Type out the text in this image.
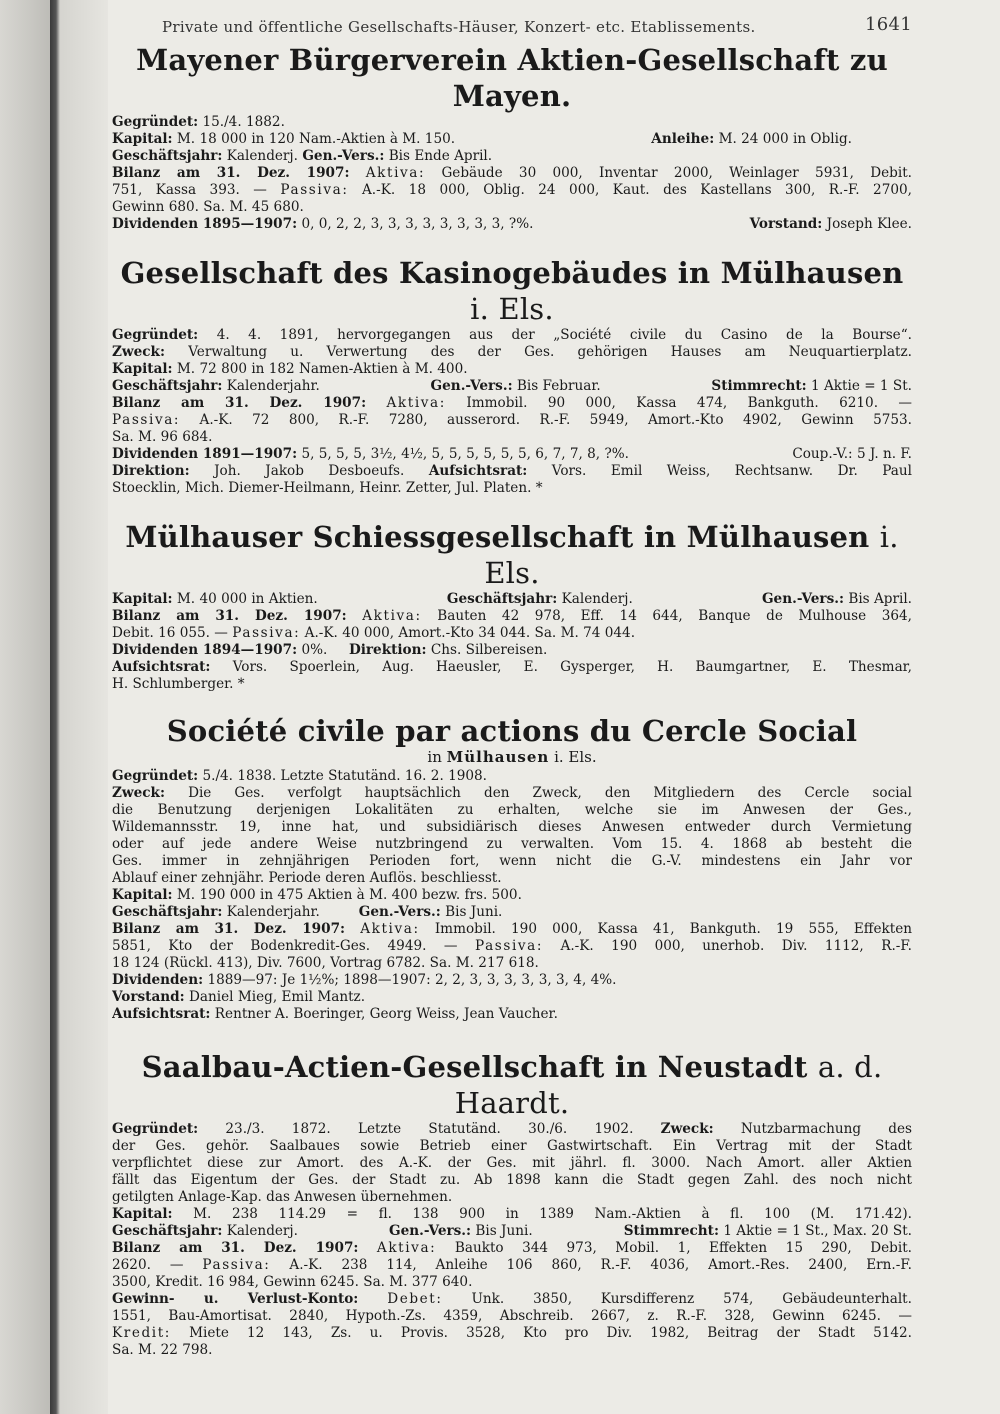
Private und öffentliche Gesellschafts-Häuser, Konzert- etc. Etablissements.	1641
Mayener Bürgerverein Aktien-Gesellschaft zu Mayen.

Gegründet: 15./4. 1882.

Kapital: M. 18 000 in 120 Nam.-Aktien à M. 150.	Anleihe: M. 24 000 in Oblig.

Geschäftsjahr: Kalenderj. Gen.-Vers.: Bis Ende April.

Bilanz am 31. Dez. 1907: Aktiva: Gebäude 30 000, Inventar 2000, Weinlager 5931, Debit.

751, Kassa 393. — Passiva: A.-K. 18 000, Oblig. 24 000, Kaut. des Kastellans 300, R.-F. 2700,

Gewinn 680. Sa. M. 45 680.

Dividenden 1895—1907: 0, 0, 2, 2, 3, 3, 3, 3, 3, 3, 3, 3, ?%.	Vorstand: Joseph Klee.

Gesellschaft des Kasinogebäudes in Mülhausen i. Els.

Gegründet: 4. 4. 1891, hervorgegangen aus der „Société civile du Casino de la Bourse“.

Zweck: Verwaltung u. Verwertung des der Ges. gehörigen Hauses am Neuquartierplatz.

Kapital: M. 72 800 in 182 Namen-Aktien à M. 400.

Geschäftsjahr: Kalenderjahr.	Gen.-Vers.: Bis Februar.	Stimmrecht: 1 Aktie = 1 St.

Bilanz am 31. Dez. 1907: Aktiva: Immobil. 90 000, Kassa 474, Bankguth. 6210. —

Passiva: A.-K. 72 800, R.-F. 7280, ausserord. R.-F. 5949, Amort.-Kto 4902, Gewinn 5753.

Sa. M. 96 684.

Dividenden 1891—1907: 5, 5, 5, 5, 3½, 4½, 5, 5, 5, 5, 5, 5, 6, 7, 7, 8, ?%.	Coup.-V.: 5 J. n. F.

Direktion: Joh. Jakob Desboeufs. Aufsichtsrat: Vors. Emil Weiss, Rechtsanw. Dr. Paul

Stoecklin, Mich. Diemer-Heilmann, Heinr. Zetter, Jul. Platen. *

Mülhauser Schiessgesellschaft in Mülhausen i. Els.

Kapital: M. 40 000 in Aktien.	Geschäftsjahr: Kalenderj.	Gen.-Vers.: Bis April.

Bilanz am 31. Dez. 1907: Aktiva: Bauten 42 978, Eff. 14 644, Banque de Mulhouse 364,

Debit. 16 055. — Passiva: A.-K. 40 000, Amort.-Kto 34 044. Sa. M. 74 044.

Dividenden 1894—1907: 0%. Direktion: Chs. Silbereisen.

Aufsichtsrat: Vors. Spoerlein, Aug. Haeusler, E. Gysperger, H. Baumgartner, E. Thesmar,

H. Schlumberger. *

Société civile par actions du Cercle Social

in Mülhausen i. Els.

Gegründet: 5./4. 1838. Letzte Statutänd. 16. 2. 1908.

Zweck: Die Ges. verfolgt hauptsächlich den Zweck, den Mitgliedern des Cercle social

die Benutzung derjenigen Lokalitäten zu erhalten, welche sie im Anwesen der Ges.,

Wildemannsstr. 19, inne hat, und subsidiärisch dieses Anwesen entweder durch Vermietung

oder auf jede andere Weise nutzbringend zu verwalten. Vom 15. 4. 1868 ab besteht die

Ges. immer in zehnjährigen Perioden fort, wenn nicht die G.-V. mindestens ein Jahr vor

Ablauf einer zehnjähr. Periode deren Auflös. beschliesst.

Kapital: M. 190 000 in 475 Aktien à M. 400 bezw. frs. 500.

Geschäftsjahr: Kalenderjahr.	Gen.-Vers.: Bis Juni.

Bilanz am 31. Dez. 1907: Aktiva: Immobil. 190 000, Kassa 41, Bankguth. 19 555, Effekten

5851, Kto der Bodenkredit-Ges. 4949. — Passiva: A.-K. 190 000, unerhob. Div. 1112, R.-F.

18 124 (Rückl. 413), Div. 7600, Vortrag 6782. Sa. M. 217 618.

Dividenden: 1889—97: Je 1½%; 1898—1907: 2, 2, 3, 3, 3, 3, 3, 3, 4, 4%.

Vorstand: Daniel Mieg, Emil Mantz.

Aufsichtsrat: Rentner A. Boeringer, Georg Weiss, Jean Vaucher.

Saalbau-Actien-Gesellschaft in Neustadt a. d. Haardt.

Gegründet: 23./3. 1872. Letzte Statutänd. 30./6. 1902. Zweck: Nutzbarmachung des

der Ges. gehör. Saalbaues sowie Betrieb einer Gastwirtschaft. Ein Vertrag mit der Stadt

verpflichtet diese zur Amort. des A.-K. der Ges. mit jährl. fl. 3000. Nach Amort. aller Aktien

fällt das Eigentum der Ges. der Stadt zu. Ab 1898 kann die Stadt gegen Zahl. des noch nicht

getilgten Anlage-Kap. das Anwesen übernehmen.

Kapital: M. 238 114.29 = fl. 138 900 in 1389 Nam.-Aktien à fl. 100 (M. 171.42).

Geschäftsjahr: Kalenderj.	Gen.-Vers.: Bis Juni.	Stimmrecht: 1 Aktie = 1 St., Max. 20 St.

Bilanz am 31. Dez. 1907: Aktiva: Baukto 344 973, Mobil. 1, Effekten 15 290, Debit.

2620. — Passiva: A.-K. 238 114, Anleihe 106 860, R.-F. 4036, Amort.-Res. 2400, Ern.-F.

3500, Kredit. 16 984, Gewinn 6245. Sa. M. 377 640.

Gewinn- u. Verlust-Konto: Debet: Unk. 3850, Kursdifferenz 574, Gebäudeunterhalt.

1551, Bau-Amortisat. 2840, Hypoth.-Zs. 4359, Abschreib. 2667, z. R.-F. 328, Gewinn 6245. —

Kredit: Miete 12 143, Zs. u. Provis. 3528, Kto pro Div. 1982, Beitrag der Stadt 5142.

Sa. M. 22 798.
